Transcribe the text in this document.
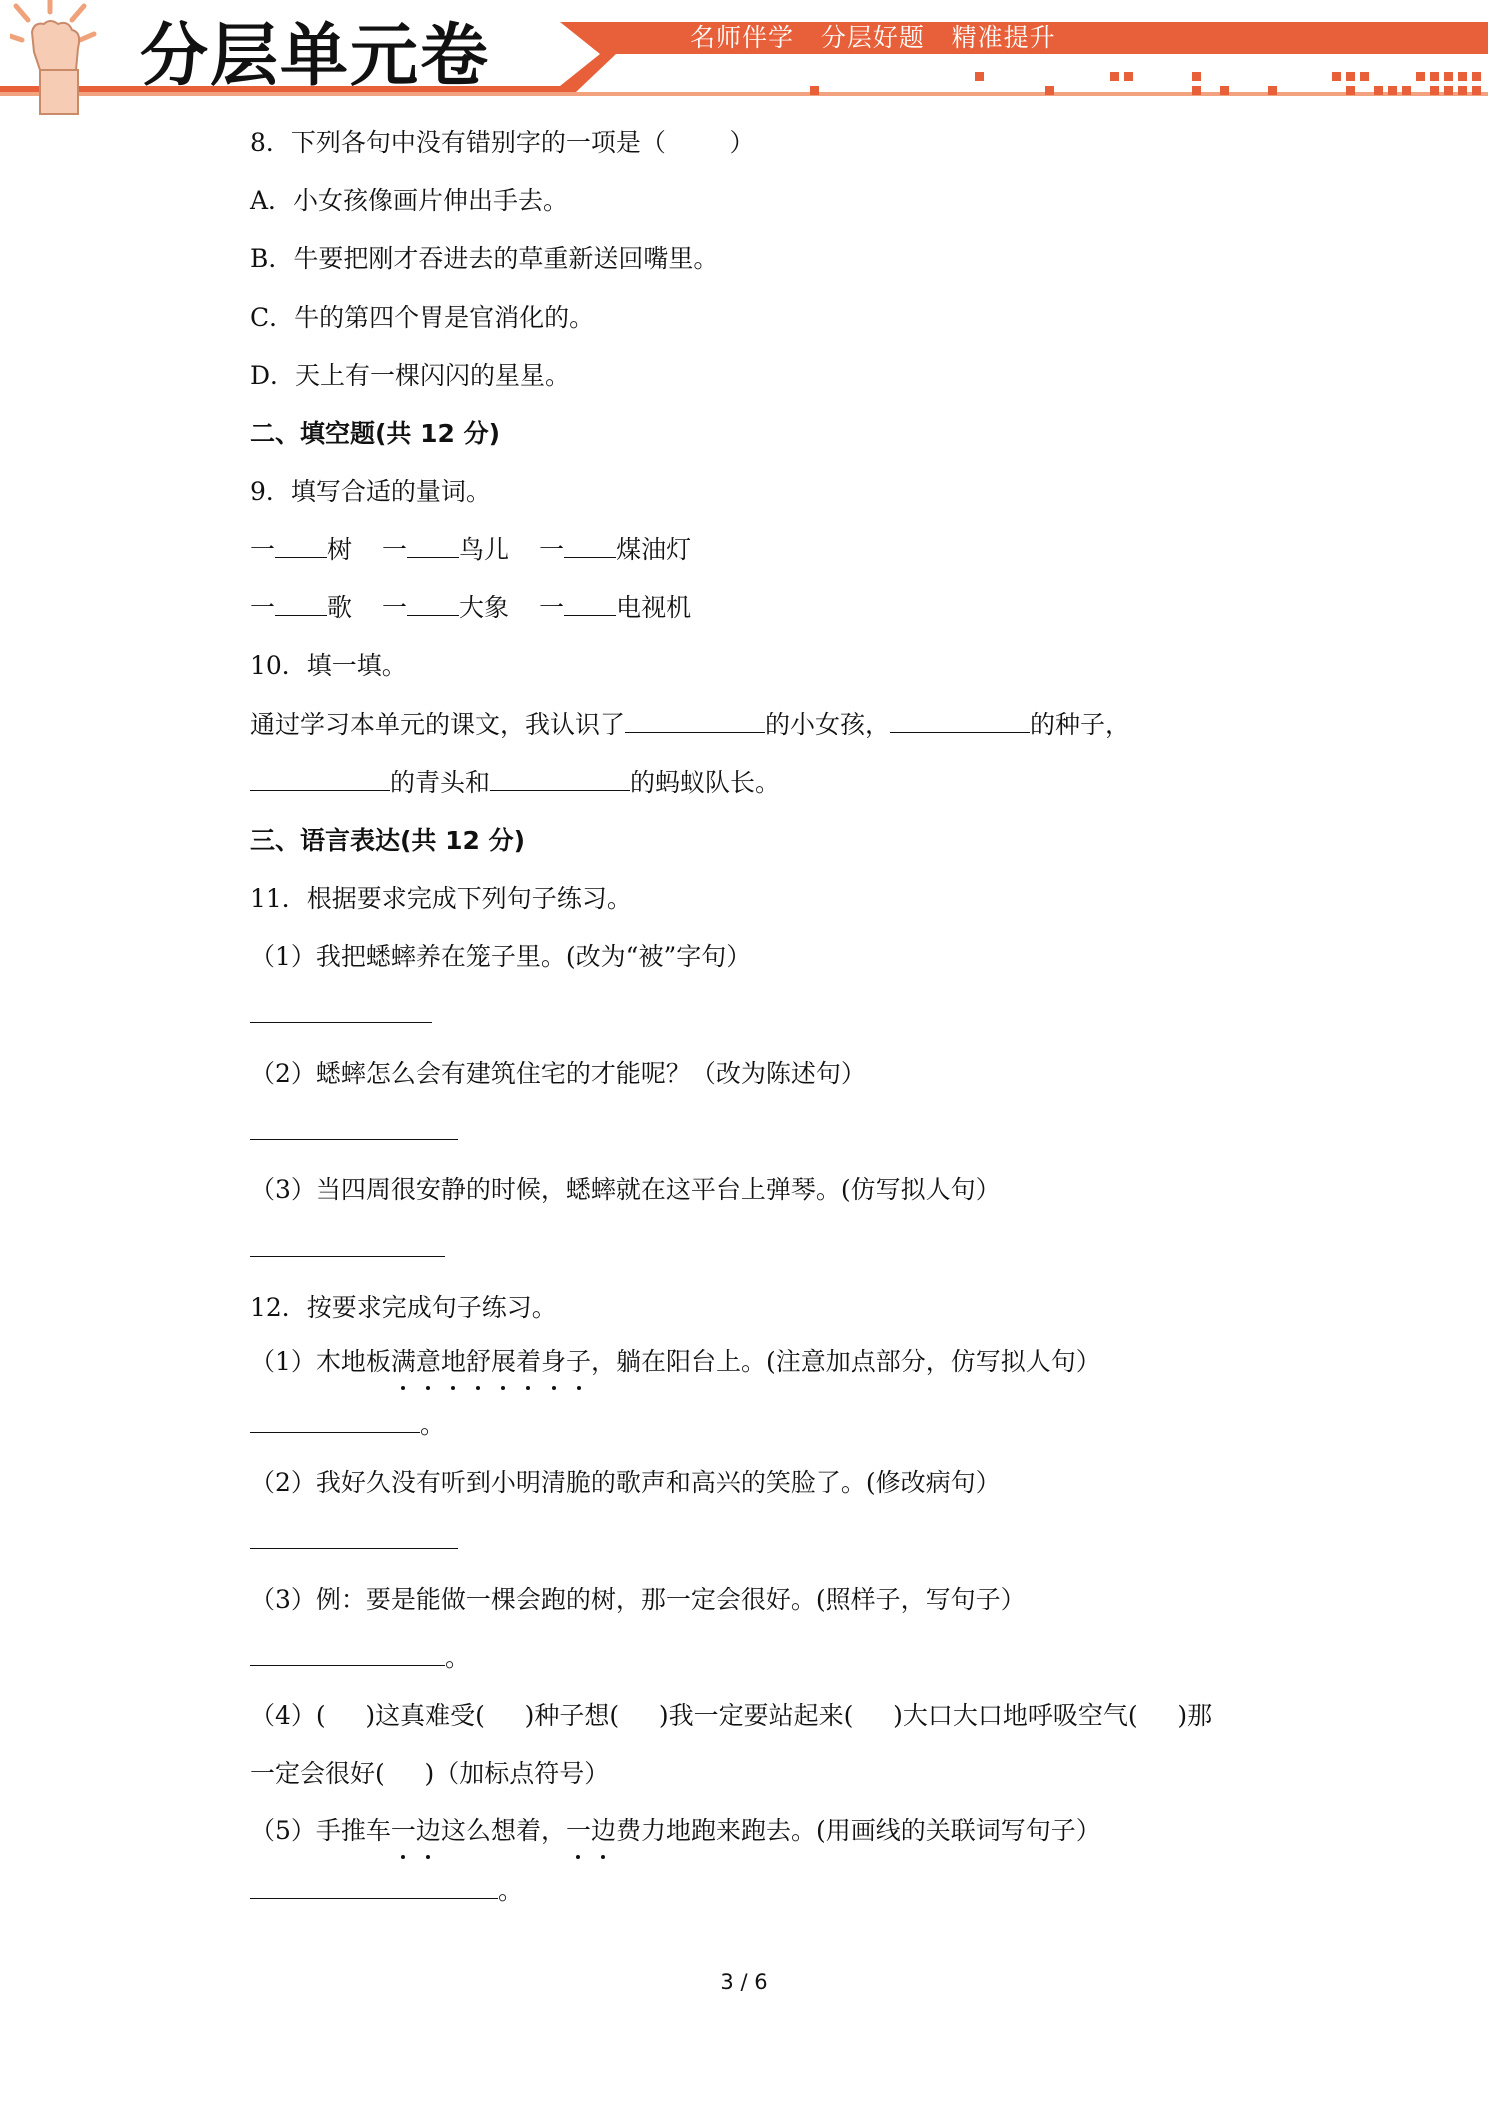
分层单元卷	名师伴学   分层好题   精准提升
8．下列各句中没有错别字的一项是（        ）
A．小女孩像画片伸出手去。
B．牛要把刚才吞进去的草重新送回嘴里。
C．牛的第四个胃是官消化的。
D．天上有一棵闪闪的星星。
二、填空题(共 12 分)
9．填写合适的量词。
一 树 一 鸟儿 一 煤油灯
一 歌 一 大象 一 电视机
10．填一填。
通过学习本单元的课文，我认识了	的小女孩，	的种子，
的青头和	的蚂蚁队长。
三、语言表达(共 12 分)
11．根据要求完成下列句子练习。
（1）我把蟋蟀养在笼子里。(改为“被”字句）
（2）蟋蟀怎么会有建筑住宅的才能呢？（改为陈述句）
（3）当四周很安静的时候，蟋蟀就在这平台上弹琴。(仿写拟人句）
12．按要求完成句子练习。
（1）木地板满意地舒展着身子，躺在阳台上。(注意加点部分，仿写拟人句）
。
（2）我好久没有听到小明清脆的歌声和高兴的笑脸了。(修改病句）
（3）例：要是能做一棵会跑的树，那一定会很好。(照样子，写句子）
。
（4）(     )这真难受(     )种子想(     )我一定要站起来(     )大口大口地呼吸空气(     )那
一定会很好(     )（加标点符号）
（5）手推车一边这么想着，一边费力地跑来跑去。(用画线的关联词写句子）
。
3 / 6
